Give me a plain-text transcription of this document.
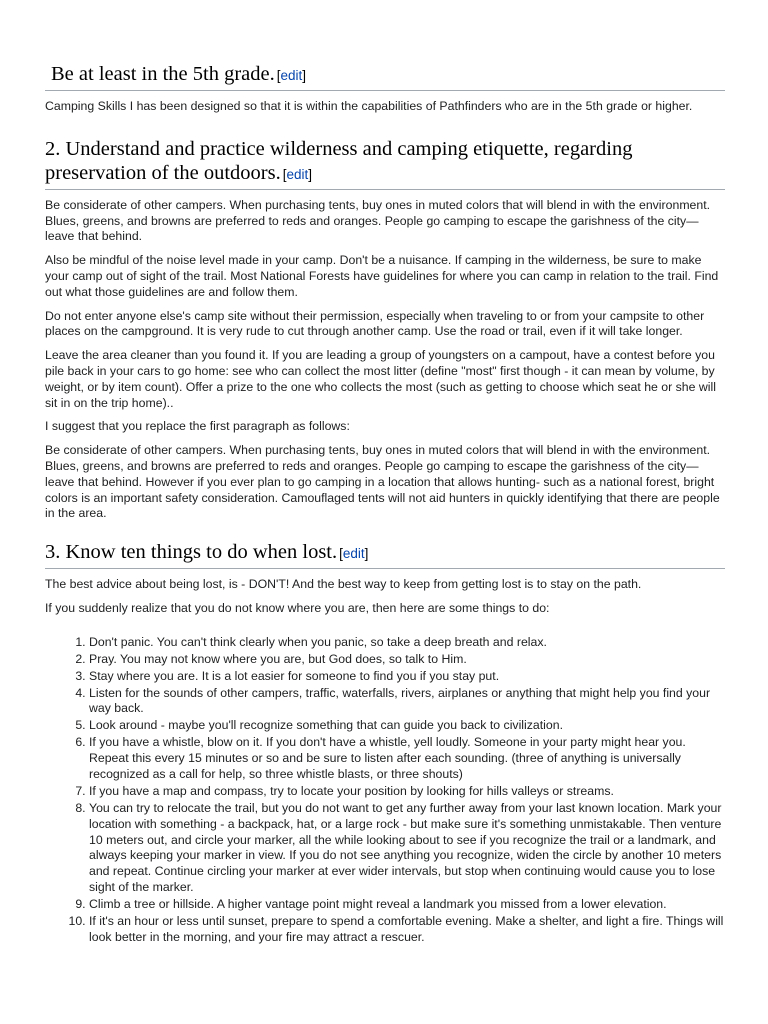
Be at least in the 5th grade. [edit]

Camping Skills I has been designed so that it is within the capabilities of Pathfinders who are in the 5th grade or higher.

2. Understand and practice wilderness and camping etiquette, regarding preservation of the outdoors. [edit]

Be considerate of other campers. When purchasing tents, buy ones in muted colors that will blend in with the environment. Blues, greens, and browns are preferred to reds and oranges. People go camping to escape the garishness of the city—leave that behind.

Also be mindful of the noise level made in your camp. Don't be a nuisance. If camping in the wilderness, be sure to make your camp out of sight of the trail. Most National Forests have guidelines for where you can camp in relation to the trail. Find out what those guidelines are and follow them.

Do not enter anyone else's camp site without their permission, especially when traveling to or from your campsite to other places on the campground. It is very rude to cut through another camp. Use the road or trail, even if it will take longer.

Leave the area cleaner than you found it. If you are leading a group of youngsters on a campout, have a contest before you pile back in your cars to go home: see who can collect the most litter (define "most" first though - it can mean by volume, by weight, or by item count). Offer a prize to the one who collects the most (such as getting to choose which seat he or she will sit in on the trip home)..

I suggest that you replace the first paragraph as follows:

Be considerate of other campers. When purchasing tents, buy ones in muted colors that will blend in with the environment. Blues, greens, and browns are preferred to reds and oranges. People go camping to escape the garishness of the city—leave that behind. However if you ever plan to go camping in a location that allows hunting- such as a national forest, bright colors is an important safety consideration. Camouflaged tents will not aid hunters in quickly identifying that there are people in the area.

3. Know ten things to do when lost. [edit]

The best advice about being lost, is - DON'T! And the best way to keep from getting lost is to stay on the path.

If you suddenly realize that you do not know where you are, then here are some things to do:

1. Don't panic. You can't think clearly when you panic, so take a deep breath and relax.
2. Pray. You may not know where you are, but God does, so talk to Him.
3. Stay where you are. It is a lot easier for someone to find you if you stay put.
4. Listen for the sounds of other campers, traffic, waterfalls, rivers, airplanes or anything that might help you find your way back.
5. Look around - maybe you'll recognize something that can guide you back to civilization.
6. If you have a whistle, blow on it. If you don't have a whistle, yell loudly. Someone in your party might hear you. Repeat this every 15 minutes or so and be sure to listen after each sounding. (three of anything is universally recognized as a call for help, so three whistle blasts, or three shouts)
7. If you have a map and compass, try to locate your position by looking for hills valleys or streams.
8. You can try to relocate the trail, but you do not want to get any further away from your last known location. Mark your location with something - a backpack, hat, or a large rock - but make sure it's something unmistakable. Then venture 10 meters out, and circle your marker, all the while looking about to see if you recognize the trail or a landmark, and always keeping your marker in view. If you do not see anything you recognize, widen the circle by another 10 meters and repeat. Continue circling your marker at ever wider intervals, but stop when continuing would cause you to lose sight of the marker.
9. Climb a tree or hillside. A higher vantage point might reveal a landmark you missed from a lower elevation.
10. If it's an hour or less until sunset, prepare to spend a comfortable evening. Make a shelter, and light a fire. Things will look better in the morning, and your fire may attract a rescuer.
